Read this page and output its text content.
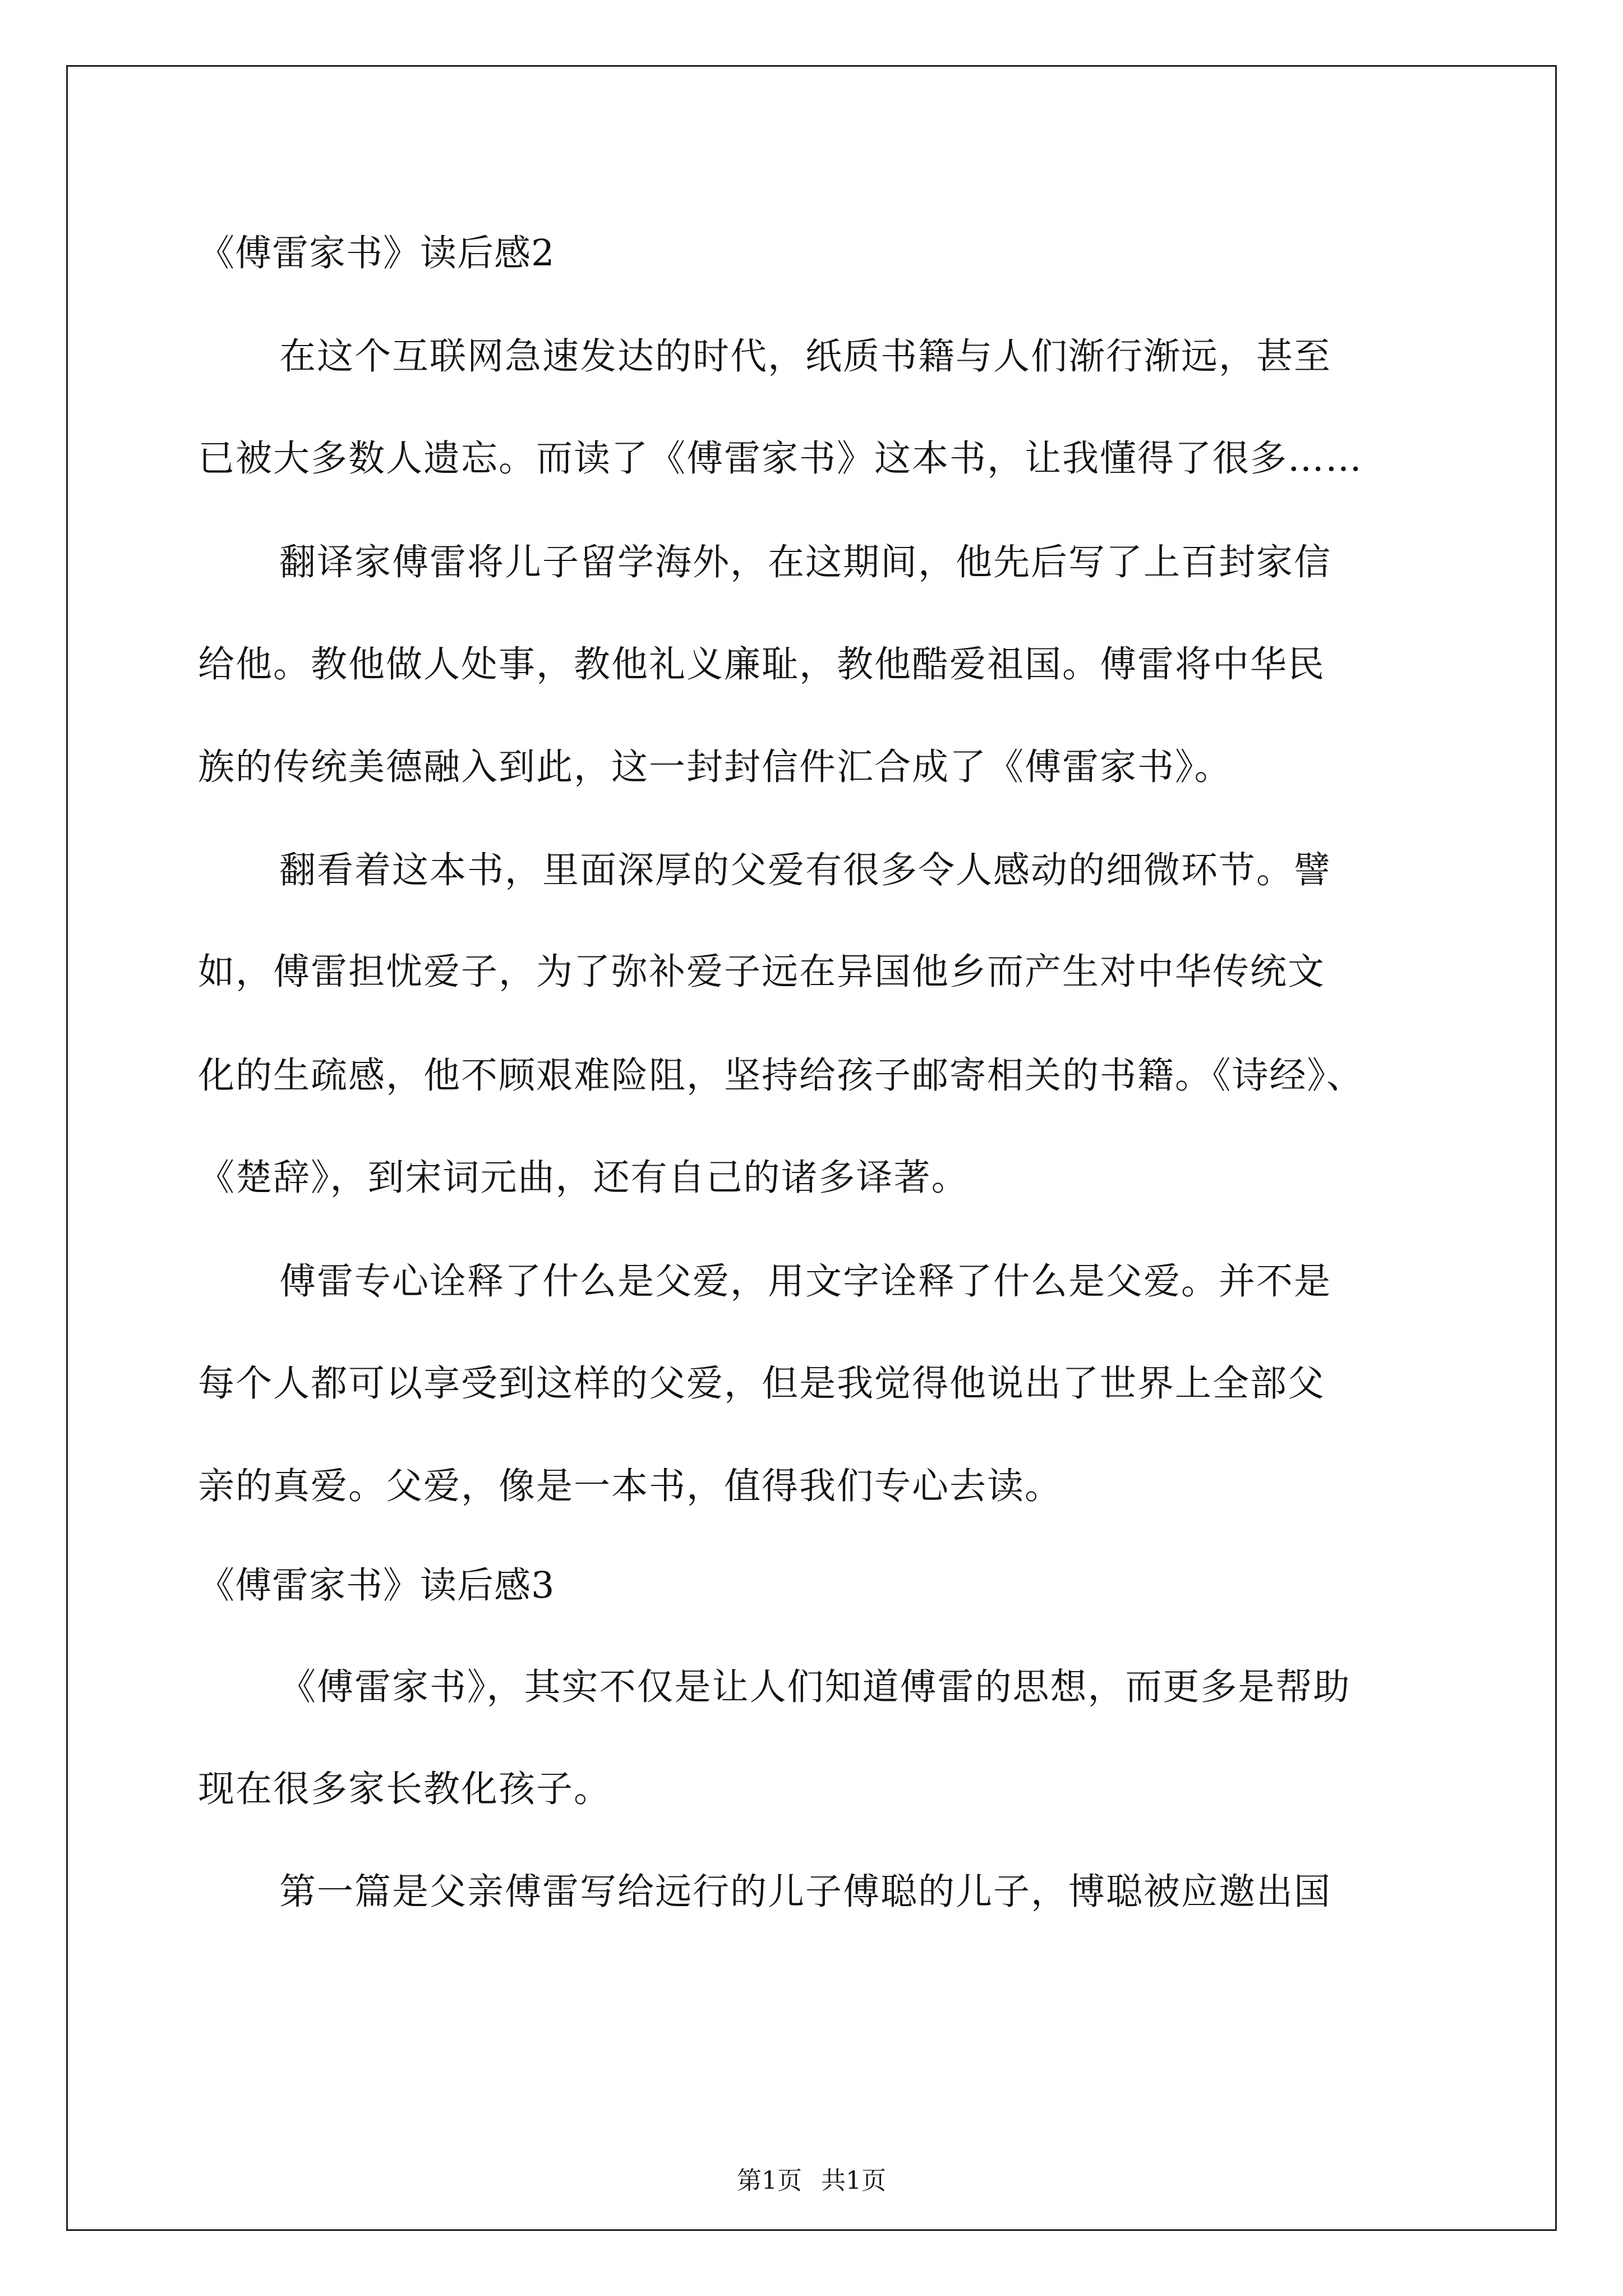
《傅雷家书》读后感2
在这个互联网急速发达的时代，纸质书籍与人们渐行渐远，甚至
已被大多数人遗忘。而读了《傅雷家书》这本书，让我懂得了很多……
翻译家傅雷将儿子留学海外，在这期间，他先后写了上百封家信
给他。教他做人处事，教他礼义廉耻，教他酷爱祖国。傅雷将中华民
族的传统美德融入到此，这一封封信件汇合成了《傅雷家书》。
翻看着这本书，里面深厚的父爱有很多令人感动的细微环节。譬
如，傅雷担忧爱子，为了弥补爱子远在异国他乡而产生对中华传统文
化的生疏感，他不顾艰难险阻，坚持给孩子邮寄相关的书籍。《诗经》、
《楚辞》，到宋词元曲，还有自己的诸多译著。
傅雷专心诠释了什么是父爱，用文字诠释了什么是父爱。并不是
每个人都可以享受到这样的父爱，但是我觉得他说出了世界上全部父
亲的真爱。父爱，像是一本书，值得我们专心去读。
《傅雷家书》读后感3
《傅雷家书》，其实不仅是让人们知道傅雷的思想，而更多是帮助
现在很多家长教化孩子。
第一篇是父亲傅雷写给远行的儿子傅聪的儿子，博聪被应邀出国
第1页 共1页
